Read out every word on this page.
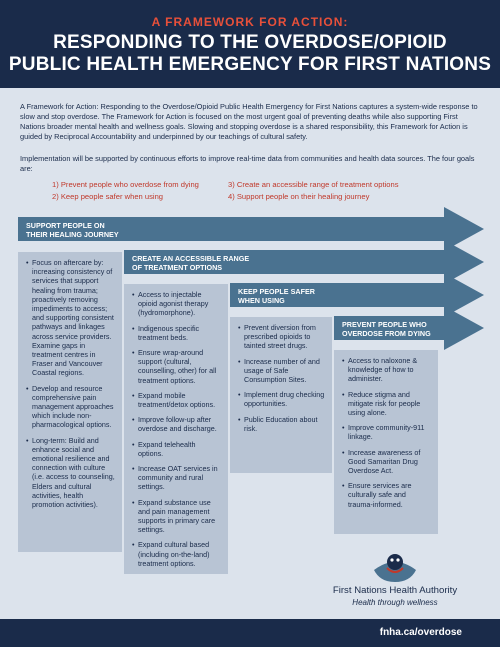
A FRAMEWORK FOR ACTION:
RESPONDING TO THE OVERDOSE/OPIOID
PUBLIC HEALTH EMERGENCY FOR FIRST NATIONS
A Framework for Action: Responding to the Overdose/Opioid Public Health Emergency for First Nations captures a system-wide response to slow and stop overdose. The Framework for Action is focused on the most urgent goal of preventing deaths while also supporting First Nations broader mental health and wellness goals. Slowing and stopping overdose is a shared responsibility, this Framework for Action is guided by Reciprocal Accountability and underpinned by our teachings of cultural safety.
Implementation will be supported by continuous efforts to improve real-time data from communities and health data sources. The four goals are:
1) Prevent people who overdose from dying
2) Keep people safer when using
3) Create an accessible range of treatment options
4) Support people on their healing journey
SUPPORT PEOPLE ON
THEIR HEALING JOURNEY
• Focus on aftercare by: increasing consistency of services that support healing from trauma; proactively removing impediments to access; and supporting consistent pathways and linkages across service providers. Examine gaps in treatment centres in Fraser and Vancouver Coastal regions.
• Develop and resource comprehensive pain management approaches which include non-pharmacological options.
• Long-term: Build and enhance social and emotional resilience and connection with culture (i.e. access to counseling, Elders and cultural activities, health promotion activities).
CREATE AN ACCESSIBLE RANGE
OF TREATMENT OPTIONS
• Access to injectable opioid agonist therapy (hydromorphone).
• Indigenous specific treatment beds.
• Ensure wrap-around support (cultural, counselling, other) for all treatment options.
• Expand mobile treatment/detox options.
• Improve follow-up after overdose and discharge.
• Expand telehealth options.
• Increase OAT services in community and rural settings.
• Expand substance use and pain management supports in primary care settings.
• Expand cultural based (including on-the-land) treatment options.
KEEP PEOPLE SAFER
WHEN USING
• Prevent diversion from prescribed opioids to tainted street drugs.
• Increase number of and usage of Safe Consumption Sites.
• Implement drug checking opportunities.
• Public Education about risk.
PREVENT PEOPLE WHO
OVERDOSE FROM DYING
• Access to naloxone & knowledge of how to administer.
• Reduce stigma and mitigate risk for people using alone.
• Improve community-911 linkage.
• Increase awareness of Good Samaritan Drug Overdose Act.
• Ensure services are culturally safe and trauma-informed.
First Nations Health Authority
Health through wellness
fnha.ca/overdose
